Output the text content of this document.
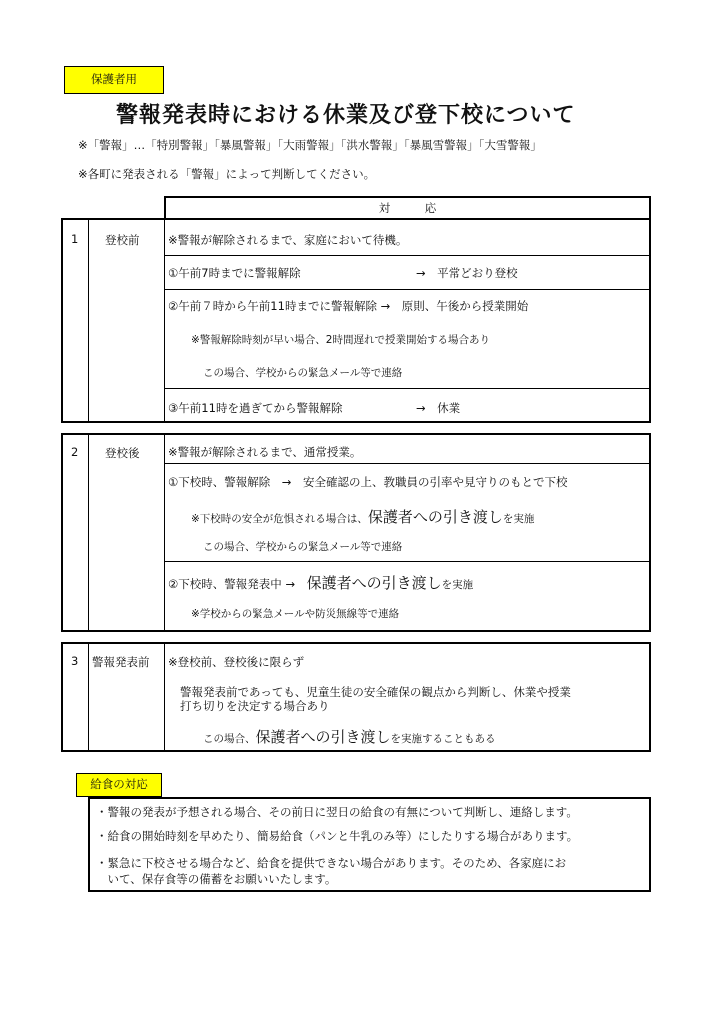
保護者用
警報発表時における休業及び登下校について
※「警報」…「特別警報」「暴風警報」「大雨警報」「洪水警報」「暴風雪警報」「大雪警報」
※各町に発表される「警報」によって判断してください。
対　　　応
1 登校前 ※警報が解除されるまで、家庭において待機。
①午前7時までに警報解除	→　平常どおり登校
②午前７時から午前11時までに警報解除 →　原則、午後から授業開始
※警報解除時刻が早い場合、2時間遅れで授業開始する場合あり
この場合、学校からの緊急メール等で連絡
③午前11時を過ぎてから警報解除	→　休業
2 登校後 ※警報が解除されるまで、通常授業。
①下校時、警報解除　→　安全確認の上、教職員の引率や見守りのもとで下校
※下校時の安全が危惧される場合は、保護者への引き渡しを実施
この場合、学校からの緊急メール等で連絡
②下校時、警報発表中 →　 保護者への引き渡しを実施
※学校からの緊急メールや防災無線等で連絡
3 警報発表前 ※登校前、登校後に限らず
警報発表前であっても、児童生徒の安全確保の観点から判断し、休業や授業
打ち切りを決定する場合あり
この場合、保護者への引き渡しを実施することもある
給食の対応
・警報の発表が予想される場合、その前日に翌日の給食の有無について判断し、連絡します。
・給食の開始時刻を早めたり、簡易給食（パンと牛乳のみ等）にしたりする場合があります。
・緊急に下校させる場合など、給食を提供できない場合があります。そのため、各家庭にお
　いて、保存食等の備蓄をお願いいたします。
